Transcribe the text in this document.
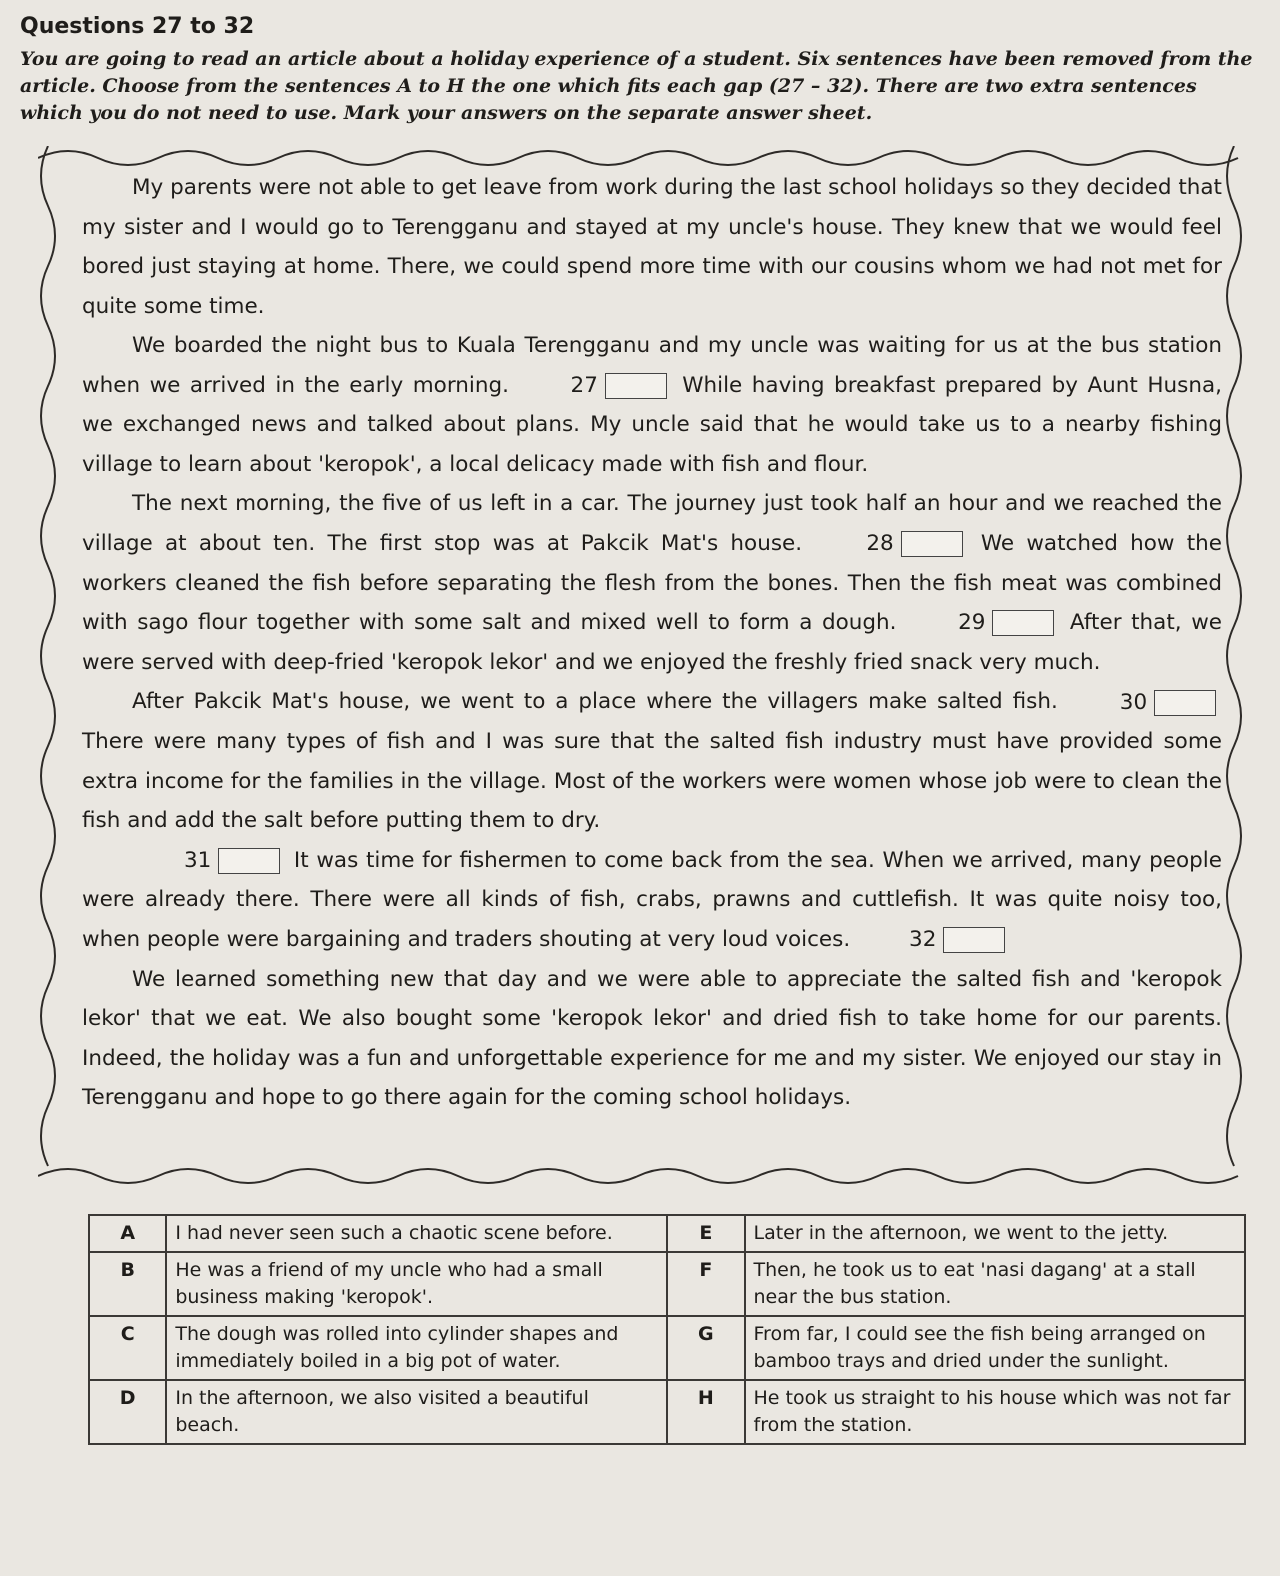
Questions 27 to 32
You are going to read an article about a holiday experience of a student. Six sentences have been removed from the article. Choose from the sentences A to H the one which fits each gap (27 – 32). There are two extra sentences which you do not need to use. Mark your answers on the separate answer sheet.

My parents were not able to get leave from work during the last school holidays so they decided that my sister and I would go to Terengganu and stayed at my uncle's house. They knew that we would feel bored just staying at home. There, we could spend more time with our cousins whom we had not met for quite some time.

We boarded the night bus to Kuala Terengganu and my uncle was waiting for us at the bus station when we arrived in the early morning.	27	While having breakfast prepared by Aunt Husna, we exchanged news and talked about plans. My uncle said that he would take us to a nearby fishing village to learn about 'keropok', a local delicacy made with fish and flour.

The next morning, the five of us left in a car. The journey just took half an hour and we reached the village at about ten. The first stop was at Pakcik Mat's house.	28	We watched how the workers cleaned the fish before separating the flesh from the bones. Then the fish meat was combined with sago flour together with some salt and mixed well to form a dough.	29	After that, we were served with deep-fried 'keropok lekor' and we enjoyed the freshly fried snack very much.

After Pakcik Mat's house, we went to a place where the villagers make salted fish.	30  There were many types of fish and I was sure that the salted fish industry must have provided some extra income for the families in the village. Most of the workers were women whose job were to clean the fish and add the salt before putting them to dry.

31	It was time for fishermen to come back from the sea. When we arrived, many people were already there. There were all kinds of fish, crabs, prawns and cuttlefish. It was quite noisy too, when people were bargaining and traders shouting at very loud voices.	32

We learned something new that day and we were able to appreciate the salted fish and 'keropok lekor' that we eat. We also bought some 'keropok lekor' and dried fish to take home for our parents. Indeed, the holiday was a fun and unforgettable experience for me and my sister. We enjoyed our stay in Terengganu and hope to go there again for the coming school holidays.

A	I had never seen such a chaotic scene before.	E	Later in the afternoon, we went to the jetty.
B	He was a friend of my uncle who had a small business making 'keropok'.	F	Then, he took us to eat 'nasi dagang' at a stall near the bus station.
C	The dough was rolled into cylinder shapes and immediately boiled in a big pot of water.	G	From far, I could see the fish being arranged on bamboo trays and dried under the sunlight.
D	In the afternoon, we also visited a beautiful beach.	H	He took us straight to his house which was not far from the station.
